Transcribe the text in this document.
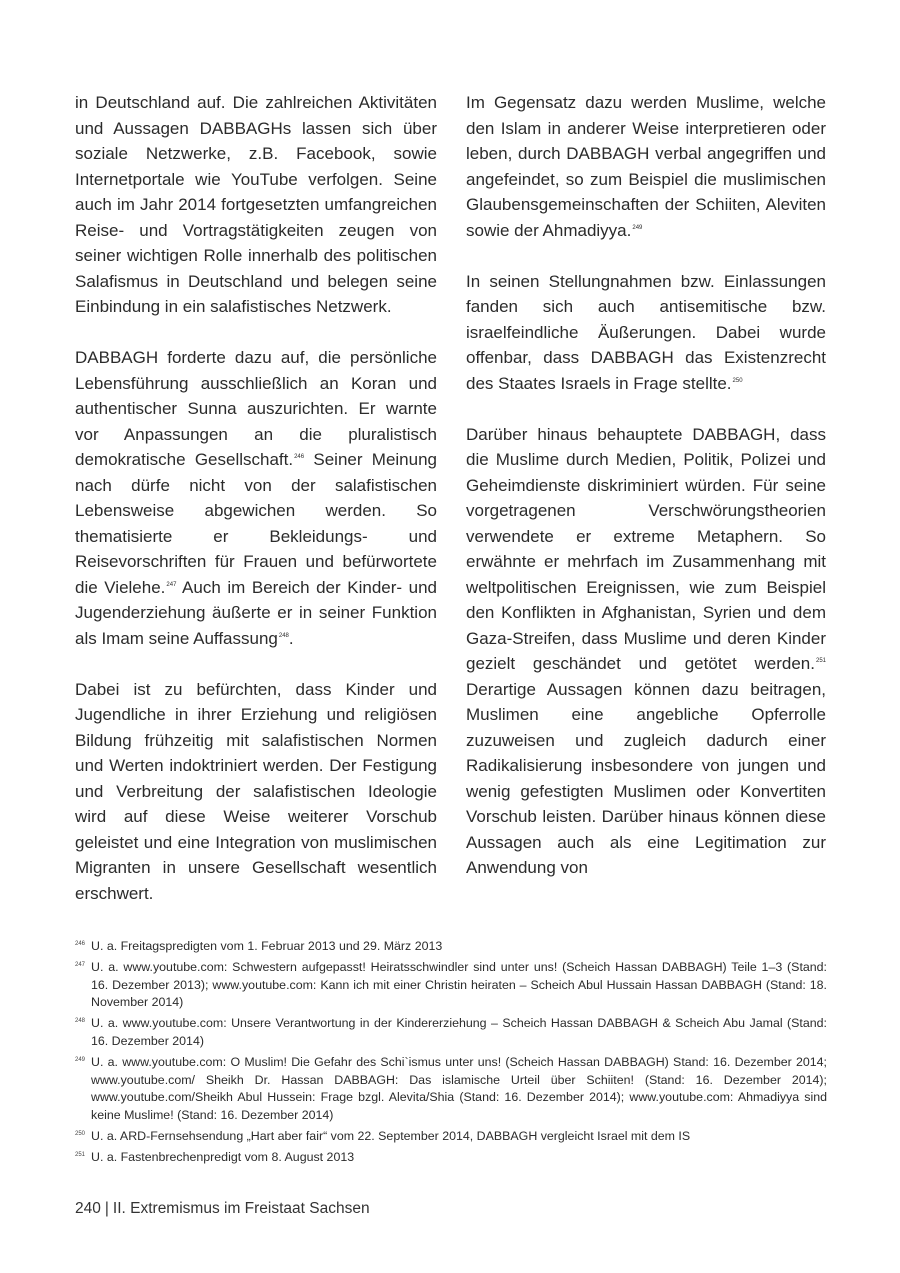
in Deutschland auf. Die zahlreichen Aktivitäten und Aussagen DABBAGHs lassen sich über soziale Netzwerke, z.B. Facebook, sowie Internetportale wie YouTube verfolgen. Seine auch im Jahr 2014 fortgesetzten umfangreichen Reise- und Vortragstätigkeiten zeugen von seiner wichtigen Rolle innerhalb des politischen Salafismus in Deutschland und belegen seine Einbindung in ein salafistisches Netzwerk.

DABBAGH forderte dazu auf, die persönliche Lebensführung ausschließlich an Koran und authentischer Sunna auszurichten. Er warnte vor Anpassungen an die pluralistisch demokratische Gesellschaft.$^{246}$ Seiner Meinung nach dürfe nicht von der salafistischen Lebensweise abgewichen werden. So thematisierte er Bekleidungs- und Reisevorschriften für Frauen und befürwortete die Vielehe.$^{247}$ Auch im Bereich der Kinder- und Jugenderziehung äußerte er in seiner Funktion als Imam seine Auffassung$^{248}$.

Dabei ist zu befürchten, dass Kinder und Jugendliche in ihrer Erziehung und religiösen Bildung frühzeitig mit salafistischen Normen und Werten indoktriniert werden. Der Festigung und Verbreitung der salafistischen Ideologie wird auf diese Weise weiterer Vorschub geleistet und eine Integration von muslimischen Migranten in unsere Gesellschaft wesentlich erschwert.

Im Gegensatz dazu werden Muslime, welche den Islam in anderer Weise interpretieren oder leben, durch DABBAGH verbal angegriffen und angefeindet, so zum Beispiel die muslimischen Glaubensgemeinschaften der Schiiten, Aleviten sowie der Ahmadiyya.$^{249}$

In seinen Stellungnahmen bzw. Einlassungen fanden sich auch antisemitische bzw. israelfeindliche Äußerungen. Dabei wurde offenbar, dass DABBAGH das Existenzrecht des Staates Israels in Frage stellte.$^{250}$

Darüber hinaus behauptete DABBAGH, dass die Muslime durch Medien, Politik, Polizei und Geheimdienste diskriminiert würden. Für seine vorgetragenen Verschwörungstheorien verwendete er extreme Metaphern. So erwähnte er mehrfach im Zusammenhang mit weltpolitischen Ereignissen, wie zum Beispiel den Konflikten in Afghanistan, Syrien und dem Gaza-Streifen, dass Muslime und deren Kinder gezielt geschändet und getötet werden.$^{251}$ Derartige Aussagen können dazu beitragen, Muslimen eine angebliche Opferrolle zuzuweisen und zugleich dadurch einer Radikalisierung insbesondere von jungen und wenig gefestigten Muslimen oder Konvertiten Vorschub leisten. Darüber hinaus können diese Aussagen auch als eine Legitimation zur Anwendung von

246 U. a. Freitagspredigten vom 1. Februar 2013 und 29. März 2013
247 U. a. www.youtube.com: Schwestern aufgepasst! Heiratsschwindler sind unter uns! (Scheich Hassan DABBAGH) Teile 1–3 (Stand: 16. Dezember 2013); www.youtube.com: Kann ich mit einer Christin heiraten – Scheich Abul Hussain Hassan DABBAGH (Stand: 18. November 2014)
248 U. a. www.youtube.com: Unsere Verantwortung in der Kindererziehung – Scheich Hassan DABBAGH & Scheich Abu Jamal (Stand: 16. Dezember 2014)
249 U. a. www.youtube.com: O Muslim! Die Gefahr des Schi`ismus unter uns! (Scheich Hassan DABBAGH) Stand: 16. Dezember 2014; www.youtube.com/ Sheikh Dr. Hassan DABBAGH: Das islamische Urteil über Schiiten! (Stand: 16. Dezember 2014); www.youtube.com/Sheikh Abul Hussein: Frage bzgl. Alevita/Shia (Stand: 16. Dezember 2014); www.youtube.com: Ahmadiyya sind keine Muslime! (Stand: 16. Dezember 2014)
250 U. a. ARD-Fernsehsendung „Hart aber fair“ vom 22. September 2014, DABBAGH vergleicht Israel mit dem IS
251 U. a. Fastenbrechenpredigt vom 8. August 2013
240 | II. Extremismus im Freistaat Sachsen
